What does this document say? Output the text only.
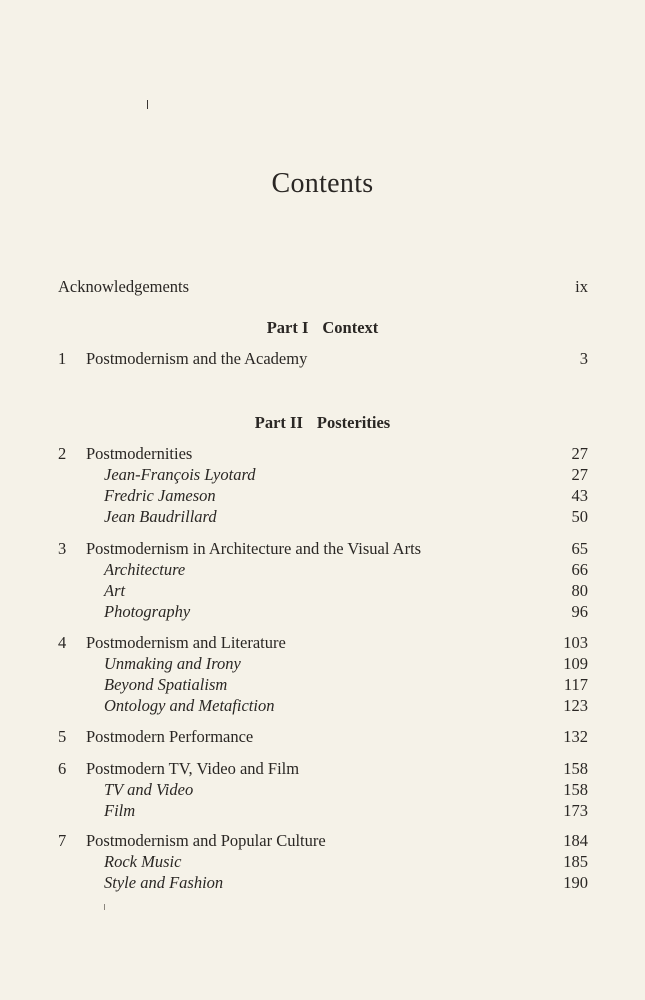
Contents
Acknowledgements	ix
Part I Context
1	Postmodernism and the Academy	3
Part II Posterities
2	Postmodernities	27
Jean-François Lyotard	27
Fredric Jameson	43
Jean Baudrillard	50
3	Postmodernism in Architecture and the Visual Arts	65
Architecture	66
Art	80
Photography	96
4	Postmodernism and Literature	103
Unmaking and Irony	109
Beyond Spatialism	117
Ontology and Metafiction	123
5	Postmodern Performance	132
6	Postmodern TV, Video and Film	158
TV and Video	158
Film	173
7	Postmodernism and Popular Culture	184
Rock Music	185
Style and Fashion	190
